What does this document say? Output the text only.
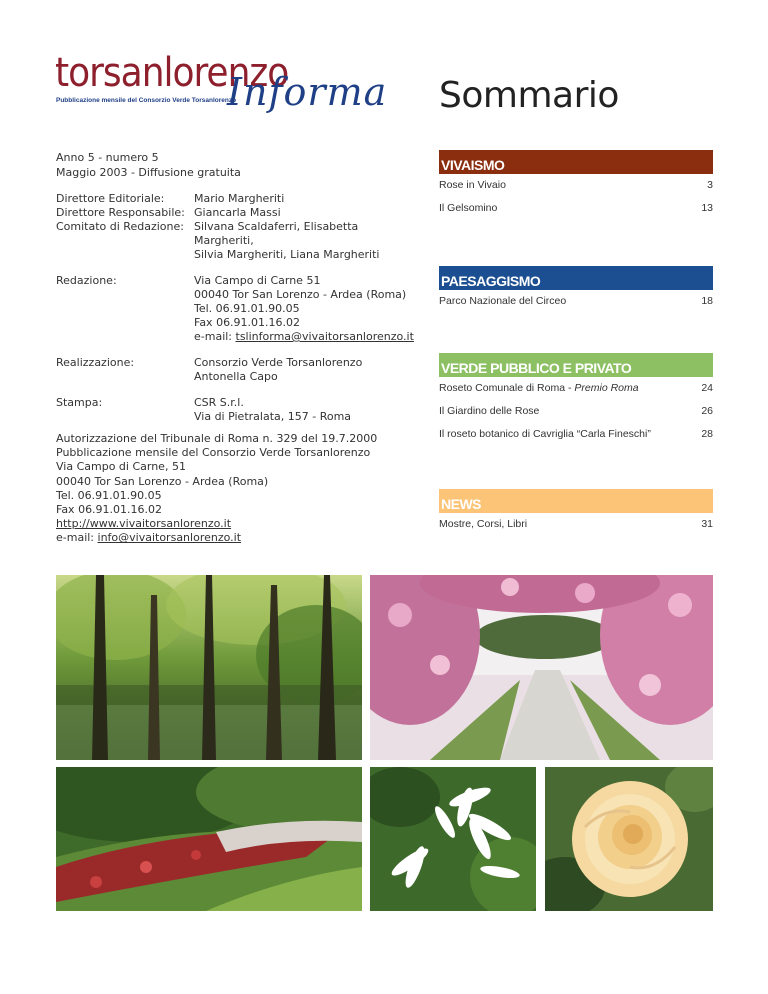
torsanlorenzo
Informa
Pubblicazione mensile del Consorzio Verde Torsanlorenzo	Sommario
Anno 5 - numero 5
Maggio 2003 - Diffusione gratuita
Direttore Editoriale:	Mario Margheriti
Direttore Responsabile: Giancarla Massi
Comitato di Redazione: Silvana Scaldaferri, Elisabetta Margheriti,
Silvia Margheriti, Liana Margheriti
Redazione:	Via Campo di Carne 51
00040 Tor San Lorenzo - Ardea (Roma)
Tel. 06.91.01.90.05
Fax 06.91.01.16.02
e-mail: tslinforma@vivaitorsanlorenzo.it
Realizzazione:	Consorzio Verde Torsanlorenzo
Antonella Capo
Stampa:	CSR S.r.l.
Via di Pietralata, 157 - Roma
Autorizzazione del Tribunale di Roma n. 329 del 19.7.2000
Pubblicazione mensile del Consorzio Verde Torsanlorenzo
Via Campo di Carne, 51
00040 Tor San Lorenzo - Ardea (Roma)
Tel. 06.91.01.90.05
Fax 06.91.01.16.02
http://www.vivaitorsanlorenzo.it
e-mail: info@vivaitorsanlorenzo.it
VIVAISMO
Rose in Vivaio	3
Il Gelsomino	13
PAESAGGISMO
Parco Nazionale del Circeo	18
VERDE PUBBLICO E PRIVATO
Roseto Comunale di Roma - Premio Roma	24
Il Giardino delle Rose	26
Il roseto botanico di Cavriglia “Carla Fineschi”	28
NEWS
Mostre, Corsi, Libri	31
